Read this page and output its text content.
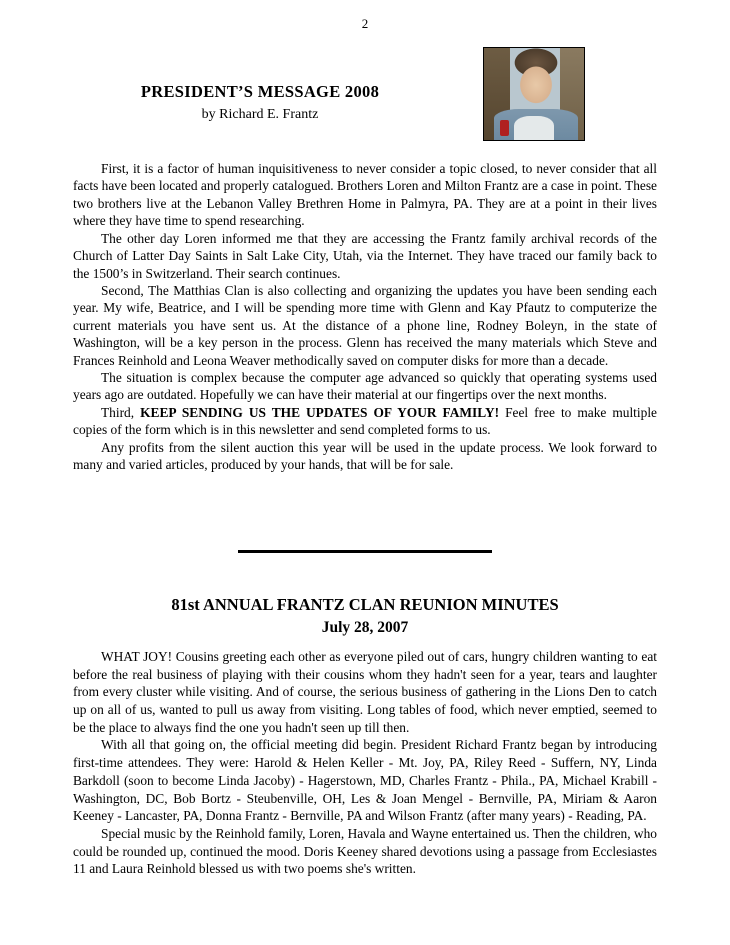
2
PRESIDENT’S MESSAGE 2008
by Richard E. Frantz

First, it is a factor of human inquisitiveness to never consider a topic closed, to never consider that all facts have been located and properly catalogued. Brothers Loren and Milton Frantz are a case in point. These two brothers live at the Lebanon Valley Brethren Home in Palmyra, PA. They are at a point in their lives where they have time to spend researching.

The other day Loren informed me that they are accessing the Frantz family archival records of the Church of Latter Day Saints in Salt Lake City, Utah, via the Internet. They have traced our family back to the 1500’s in Switzerland. Their search continues.

Second, The Matthias Clan is also collecting and organizing the updates you have been sending each year. My wife, Beatrice, and I will be spending more time with Glenn and Kay Pfautz to computerize the current materials you have sent us. At the distance of a phone line, Rodney Boleyn, in the state of Washington, will be a key person in the process. Glenn has received the many materials which Steve and Frances Reinhold and Leona Weaver methodically saved on computer disks for more than a decade.

The situation is complex because the computer age advanced so quickly that operating systems used years ago are outdated. Hopefully we can have their material at our fingertips over the next months.

Third, KEEP SENDING US THE UPDATES OF YOUR FAMILY! Feel free to make multiple copies of the form which is in this newsletter and send completed forms to us.

Any profits from the silent auction this year will be used in the update process. We look forward to many and varied articles, produced by your hands, that will be for sale.

81st ANNUAL FRANTZ CLAN REUNION MINUTES
July 28, 2007

WHAT JOY! Cousins greeting each other as everyone piled out of cars, hungry children wanting to eat before the real business of playing with their cousins whom they hadn't seen for a year, tears and laughter from every cluster while visiting. And of course, the serious business of gathering in the Lions Den to catch up on all of us, wanted to pull us away from visiting. Long tables of food, which never emptied, seemed to be the place to always find the one you hadn't seen up till then.

With all that going on, the official meeting did begin. President Richard Frantz began by introducing first-time attendees. They were: Harold & Helen Keller - Mt. Joy, PA, Riley Reed - Suffern, NY, Linda Barkdoll (soon to become Linda Jacoby) - Hagerstown, MD, Charles Frantz - Phila., PA, Michael Krabill - Washington, DC, Bob Bortz - Steubenville, OH, Les & Joan Mengel - Bernville, PA, Miriam & Aaron Keeney - Lancaster, PA, Donna Frantz - Bernville, PA and Wilson Frantz (after many years) - Reading, PA.

Special music by the Reinhold family, Loren, Havala and Wayne entertained us. Then the children, who could be rounded up, continued the mood. Doris Keeney shared devotions using a passage from Ecclesiastes 11 and Laura Reinhold blessed us with two poems she's written.
